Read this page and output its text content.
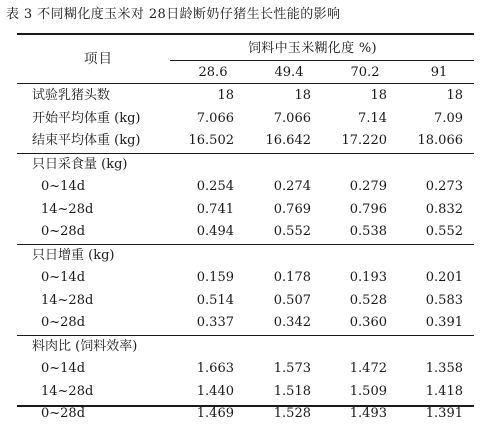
表 3 不同糊化度玉米对 28日龄断奶仔猪生长性能的影响
项目
饲料中玉米糊化度 %)
28.6	49.4	70.2	91
试验乳猪头数	18	18	18	18
开始平均体重 (kg)	7.066	7.066	7.14	7.09
结束平均体重 (kg)	16.502	16.642	17.220	18.066
只日采食量 (kg)
0~14d	0.254	0.274	0.279	0.273
14~28d	0.741	0.769	0.796	0.832
0~28d	0.494	0.552	0.538	0.552
只日增重 (kg)
0~14d	0.159	0.178	0.193	0.201
14~28d	0.514	0.507	0.528	0.583
0~28d	0.337	0.342	0.360	0.391
料肉比 (饲料效率)
0~14d	1.663	1.573	1.472	1.358
14~28d	1.440	1.518	1.509	1.418
0~28d	1.469	1.528	1.493	1.391
